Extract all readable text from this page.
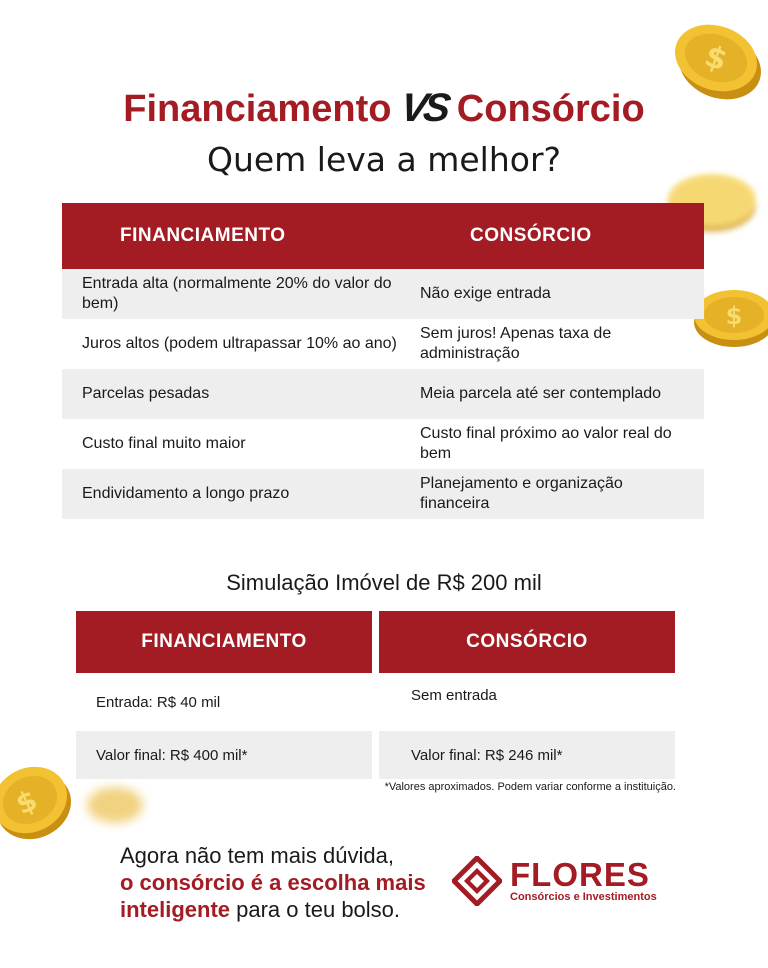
$
$
$
Financiamento VS Consórcio
Quem leva a melhor?
FINANCIAMENTO	CONSÓRCIO
Entrada alta (normalmente 20% do valor do bem)
Não exige entrada
Juros altos (podem ultrapassar 10% ao ano)
Sem juros! Apenas taxa de administração
Parcelas pesadas	Meia parcela até ser contemplado
Custo final muito maior
Custo final próximo ao valor real do bem
Endividamento a longo prazo
Planejamento e organização financeira
Simulação Imóvel de R$ 200 mil
FINANCIAMENTO
Entrada: R$ 40 mil
Valor final: R$ 400 mil*
CONSÓRCIO
Sem entrada
Valor final: R$ 246 mil*
*Valores aproximados. Podem variar conforme a instituição.
Agora não tem mais dúvida,
o consórcio é a escolha mais
inteligente para o teu bolso.
FLORES
Consórcios e Investimentos
